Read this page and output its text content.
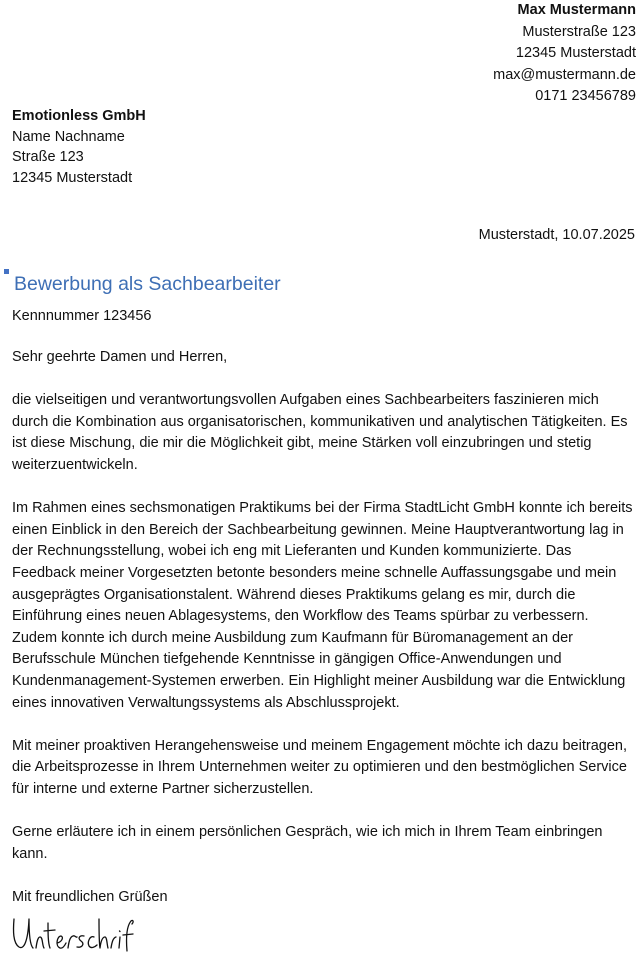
Max Mustermann
Musterstraße 123
12345 Musterstadt
max@mustermann.de
0171 23456789
Emotionless GmbH
Name Nachname
Straße 123
12345 Musterstadt
Musterstadt, 10.07.2025
Bewerbung als Sachbearbeiter
Kennnummer 123456

Sehr geehrte Damen und Herren,

die vielseitigen und verantwortungsvollen Aufgaben eines Sachbearbeiters faszinieren mich durch die Kombination aus organisatorischen, kommunikativen und analytischen Tätigkeiten. Es ist diese Mischung, die mir die Möglichkeit gibt, meine Stärken voll einzubringen und stetig weiterzuentwickeln.

Im Rahmen eines sechsmonatigen Praktikums bei der Firma StadtLicht GmbH konnte ich bereits einen Einblick in den Bereich der Sachbearbeitung gewinnen. Meine Hauptverantwortung lag in der Rechnungsstellung, wobei ich eng mit Lieferanten und Kunden kommunizierte. Das Feedback meiner Vorgesetzten betonte besonders meine schnelle Auffassungsgabe und mein ausgeprägtes Organisationstalent. Während dieses Praktikums gelang es mir, durch die Einführung eines neuen Ablagesystems, den Workflow des Teams spürbar zu verbessern. Zudem konnte ich durch meine Ausbildung zum Kaufmann für Büromanagement an der Berufsschule München tiefgehende Kenntnisse in gängigen Office-Anwendungen und Kundenmanagement-Systemen erwerben. Ein Highlight meiner Ausbildung war die Entwicklung eines innovativen Verwaltungssystems als Abschlussprojekt.

Mit meiner proaktiven Herangehensweise und meinem Engagement möchte ich dazu beitragen, die Arbeitsprozesse in Ihrem Unternehmen weiter zu optimieren und den bestmöglichen Service für interne und externe Partner sicherzustellen.

Gerne erläutere ich in einem persönlichen Gespräch, wie ich mich in Ihrem Team einbringen kann.

Mit freundlichen Grüßen
